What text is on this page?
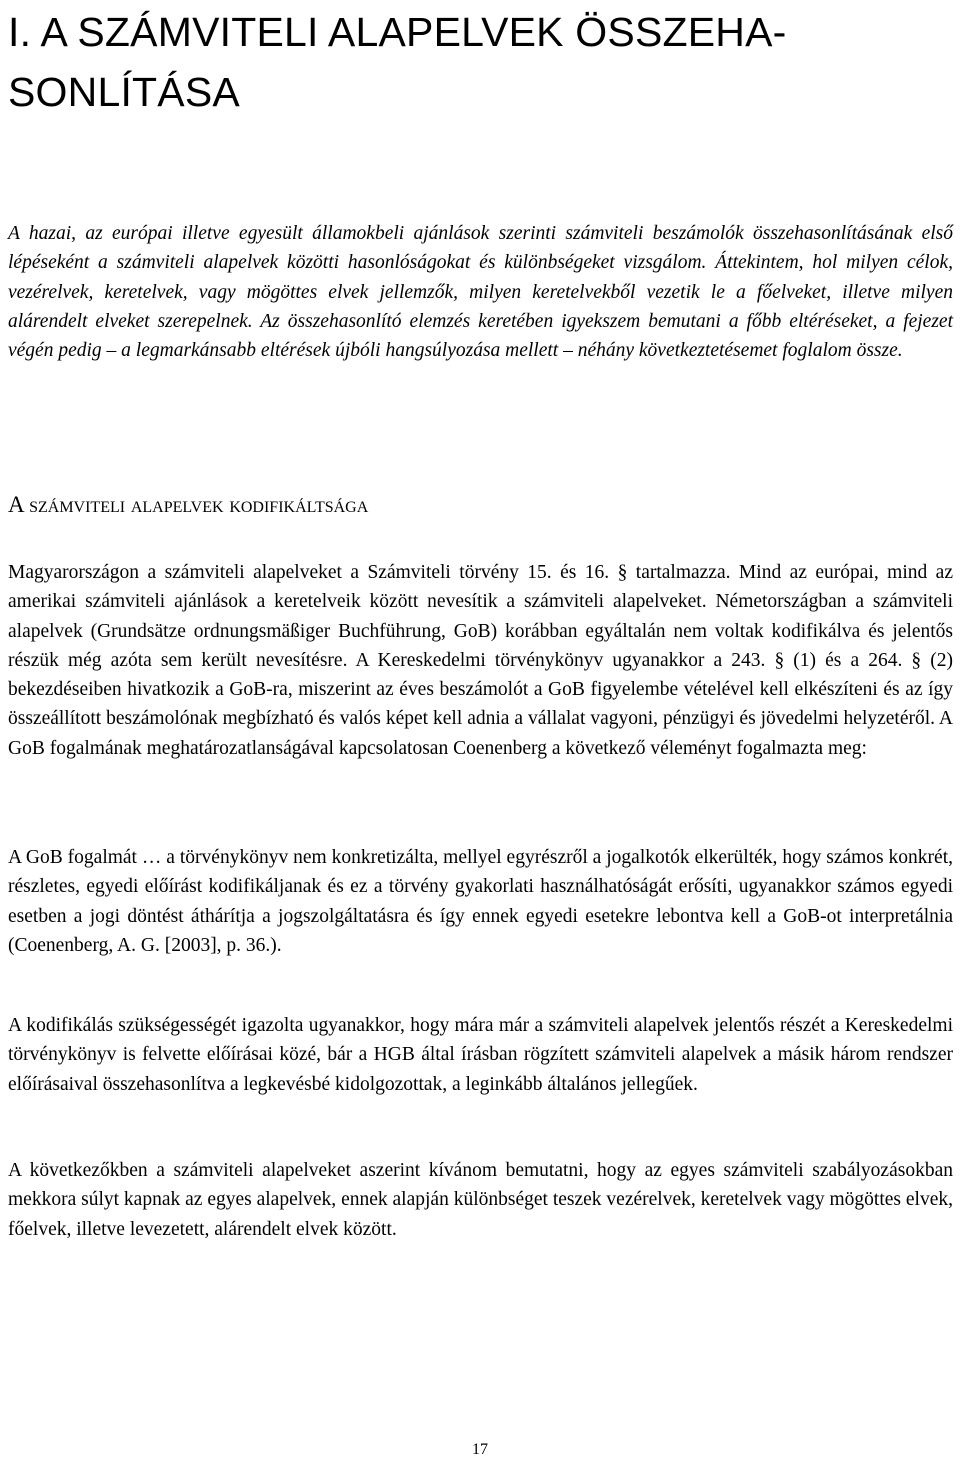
I. A SZÁMVITELI ALAPELVEK ÖSSZEHA-SONLÍTÁSA

A hazai, az európai illetve egyesült államokbeli ajánlások szerinti számviteli beszámolók összehasonlításának első lépéseként a számviteli alapelvek közötti hasonlóságokat és különbségeket vizsgálom. Áttekintem, hol milyen célok, vezérelvek, keretelvek, vagy mögöttes elvek jellemzők, milyen keretelvekből vezetik le a főelveket, illetve milyen alárendelt elveket szerepelnek. Az összehasonlító elemzés keretében igyekszem bemutani a főbb eltéréseket, a fejezet végén pedig – a legmarkánsabb eltérések újbóli hangsúlyozása mellett – néhány következtetésemet foglalom össze.

A számviteli alapelvek kodifikáltsága

Magyarországon a számviteli alapelveket a Számviteli törvény 15. és 16. § tartalmazza. Mind az európai, mind az amerikai számviteli ajánlások a keretelveik között nevesítik a számviteli alapelveket. Németországban a számviteli alapelvek (Grundsätze ordnungsmäßiger Buchführung, GoB) korábban egyáltalán nem voltak kodifikálva és jelentős részük még azóta sem került nevesítésre. A Kereskedelmi törvénykönyv ugyanakkor a 243. § (1) és a 264. § (2) bekezdéseiben hivatkozik a GoB-ra, miszerint az éves beszámolót a GoB figyelembe vételével kell elkészíteni és az így összeállított beszámolónak megbízható és valós képet kell adnia a vállalat vagyoni, pénzügyi és jövedelmi helyzetéről. A GoB fogalmának meghatározatlanságával kapcsolatosan Coenenberg a következő véleményt fogalmazta meg:

A GoB fogalmát … a törvénykönyv nem konkretizálta, mellyel egyrészről a jogalkotók elkerülték, hogy számos konkrét, részletes, egyedi előírást kodifikáljanak és ez a törvény gyakorlati használhatóságát erősíti, ugyanakkor számos egyedi esetben a jogi döntést áthárítja a jogszolgáltatásra és így ennek egyedi esetekre lebontva kell a GoB-ot interpretálnia (Coenenberg, A. G. [2003], p. 36.).

A kodifikálás szükségességét igazolta ugyanakkor, hogy mára már a számviteli alapelvek jelentős részét a Kereskedelmi törvénykönyv is felvette előírásai közé, bár a HGB által írásban rögzített számviteli alapelvek a másik három rendszer előírásaival összehasonlítva a legkevésbé kidolgozottak, a leginkább általános jellegűek.

A következőkben a számviteli alapelveket aszerint kívánom bemutatni, hogy az egyes számviteli szabályozásokban mekkora súlyt kapnak az egyes alapelvek, ennek alapján különbséget teszek vezérelvek, keretelvek vagy mögöttes elvek, főelvek, illetve levezetett, alárendelt elvek között.

17
